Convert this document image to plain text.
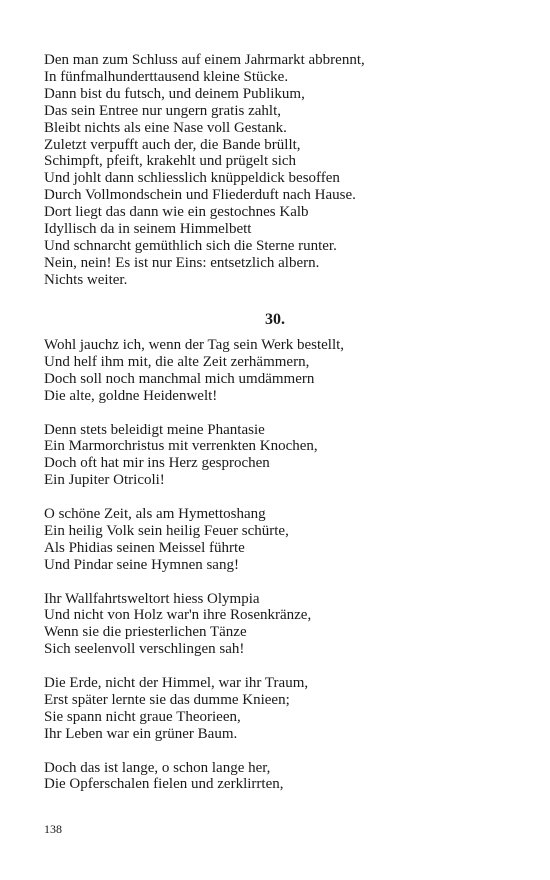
Den man zum Schluss auf einem Jahrmarkt abbrennt,
In fünfmalhunderttausend kleine Stücke.
Dann bist du futsch, und deinem Publikum,
Das sein Entree nur ungern gratis zahlt,
Bleibt nichts als eine Nase voll Gestank.
Zuletzt verpufft auch der, die Bande brüllt,
Schimpft, pfeift, krakehlt und prügelt sich
Und johlt dann schliesslich knüppeldick besoffen
Durch Vollmondschein und Fliederduft nach Hause.
Dort liegt das dann wie ein gestochnes Kalb
Idyllisch da in seinem Himmelbett
Und schnarcht gemüthlich sich die Sterne runter.
Nein, nein! Es ist nur Eins: entsetzlich albern.
Nichts weiter.
30.
Wohl jauchz ich, wenn der Tag sein Werk bestellt,
Und helf ihm mit, die alte Zeit zerhämmern,
Doch soll noch manchmal mich umdämmern
Die alte, goldne Heidenwelt!
Denn stets beleidigt meine Phantasie
Ein Marmorchristus mit verrenkten Knochen,
Doch oft hat mir ins Herz gesprochen
Ein Jupiter Otricoli!
O schöne Zeit, als am Hymettoshang
Ein heilig Volk sein heilig Feuer schürte,
Als Phidias seinen Meissel führte
Und Pindar seine Hymnen sang!
Ihr Wallfahrtsweltort hiess Olympia
Und nicht von Holz war'n ihre Rosenkränze,
Wenn sie die priesterlichen Tänze
Sich seelenvoll verschlingen sah!
Die Erde, nicht der Himmel, war ihr Traum,
Erst später lernte sie das dumme Knieen;
Sie spann nicht graue Theorieen,
Ihr Leben war ein grüner Baum.
Doch das ist lange, o schon lange her,
Die Opferschalen fielen und zerklirrten,
138
